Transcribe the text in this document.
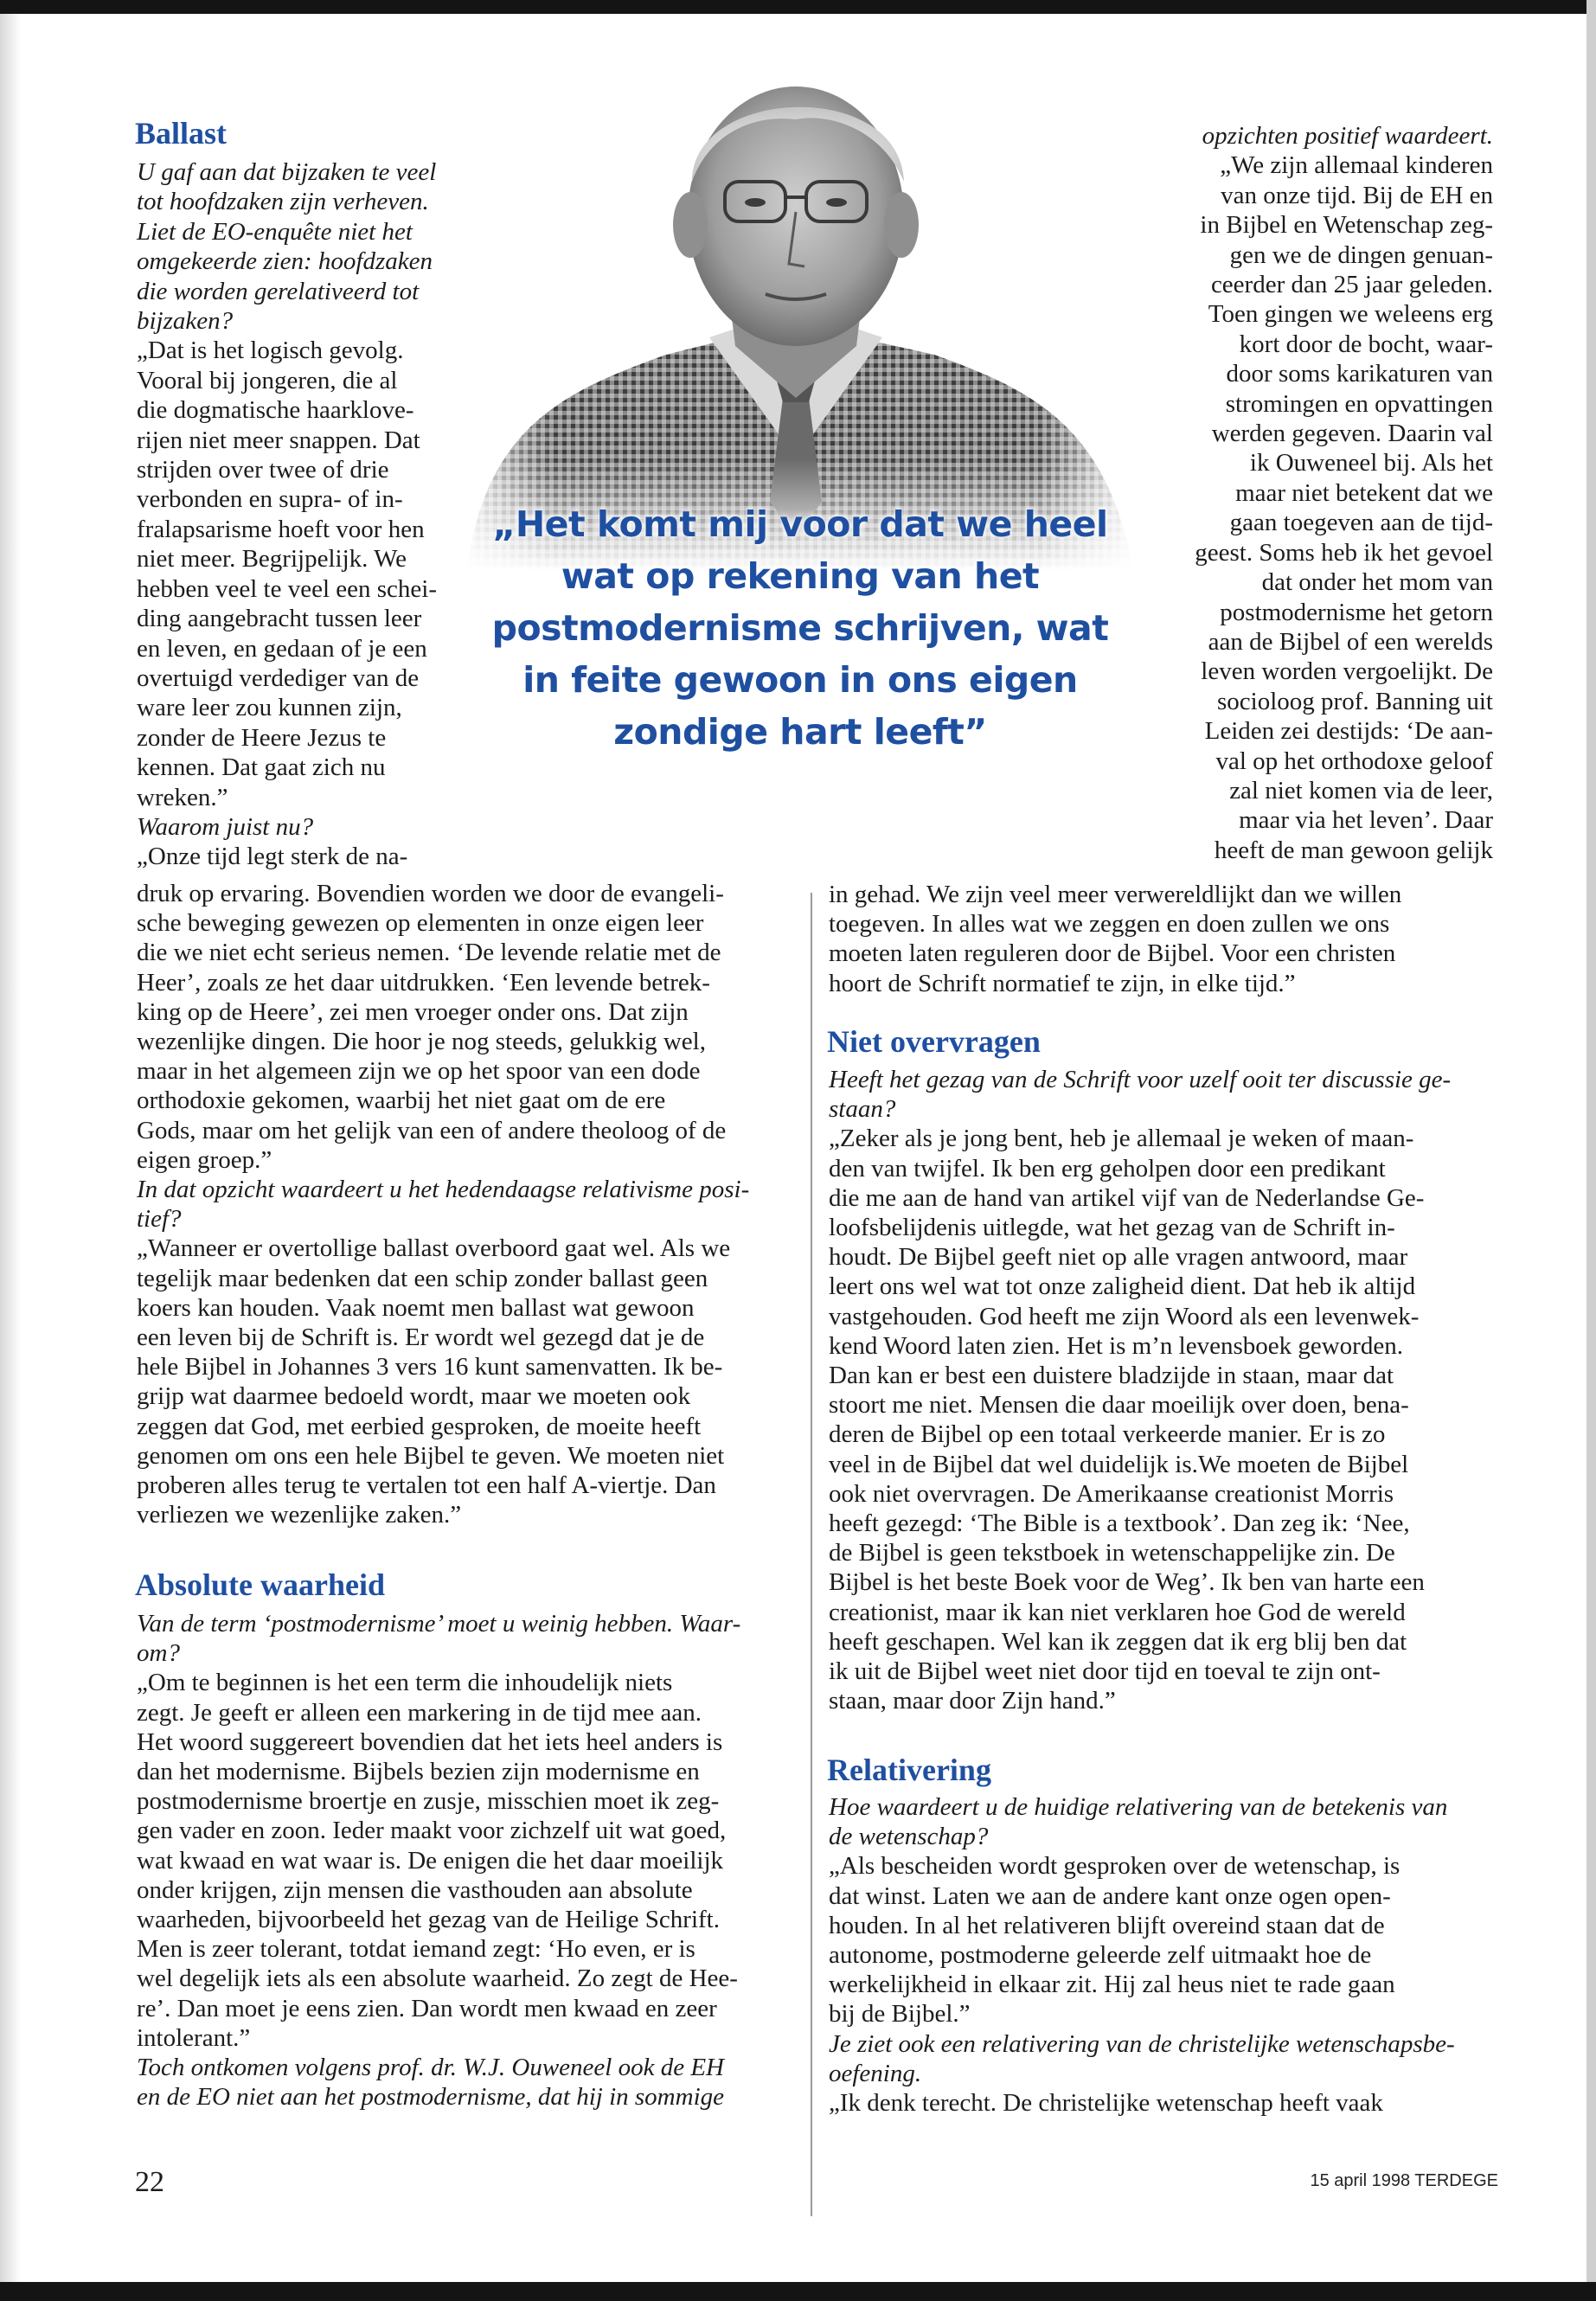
„Het komt mij voor dat we heel
wat op rekening van het
postmodernisme schrijven, wat
in feite gewoon in ons eigen
zondige hart leeft”
Ballast
U gaf aan dat bijzaken te veel
tot hoofdzaken zijn verheven.
Liet de EO-enquête niet het
omgekeerde zien: hoofdzaken
die worden gerelativeerd tot
bijzaken?
„Dat is het logisch gevolg.
Vooral bij jongeren, die al
die dogmatische haarklove-
rijen niet meer snappen. Dat
strijden over twee of drie
verbonden en supra- of in-
fralapsarisme hoeft voor hen
niet meer. Begrijpelijk. We
hebben veel te veel een schei-
ding aangebracht tussen leer
en leven, en gedaan of je een
overtuigd verdediger van de
ware leer zou kunnen zijn,
zonder de Heere Jezus te
kennen. Dat gaat zich nu
wreken.”
Waarom juist nu?
„Onze tijd legt sterk de na-
druk op ervaring. Bovendien worden we door de evangeli-
sche beweging gewezen op elementen in onze eigen leer
die we niet echt serieus nemen. ‘De levende relatie met de
Heer’, zoals ze het daar uitdrukken. ‘Een levende betrek-
king op de Heere’, zei men vroeger onder ons. Dat zijn
wezenlijke dingen. Die hoor je nog steeds, gelukkig wel,
maar in het algemeen zijn we op het spoor van een dode
orthodoxie gekomen, waarbij het niet gaat om de ere
Gods, maar om het gelijk van een of andere theoloog of de
eigen groep.”
In dat opzicht waardeert u het hedendaagse relativisme posi-
tief?
„Wanneer er overtollige ballast overboord gaat wel. Als we
tegelijk maar bedenken dat een schip zonder ballast geen
koers kan houden. Vaak noemt men ballast wat gewoon
een leven bij de Schrift is. Er wordt wel gezegd dat je de
hele Bijbel in Johannes 3 vers 16 kunt samenvatten. Ik be-
grijp wat daarmee bedoeld wordt, maar we moeten ook
zeggen dat God, met eerbied gesproken, de moeite heeft
genomen om ons een hele Bijbel te geven. We moeten niet
proberen alles terug te vertalen tot een half A-viertje. Dan
verliezen we wezenlijke zaken.”
Absolute waarheid
Van de term ‘postmodernisme’ moet u weinig hebben. Waar-
om?
„Om te beginnen is het een term die inhoudelijk niets
zegt. Je geeft er alleen een markering in de tijd mee aan.
Het woord suggereert bovendien dat het iets heel anders is
dan het modernisme. Bijbels bezien zijn modernisme en
postmodernisme broertje en zusje, misschien moet ik zeg-
gen vader en zoon. Ieder maakt voor zichzelf uit wat goed,
wat kwaad en wat waar is. De enigen die het daar moeilijk
onder krijgen, zijn mensen die vasthouden aan absolute
waarheden, bijvoorbeeld het gezag van de Heilige Schrift.
Men is zeer tolerant, totdat iemand zegt: ‘Ho even, er is
wel degelijk iets als een absolute waarheid. Zo zegt de Hee-
re’. Dan moet je eens zien. Dan wordt men kwaad en zeer
intolerant.”
Toch ontkomen volgens prof. dr. W.J. Ouweneel ook de EH
en de EO niet aan het postmodernisme, dat hij in sommige
opzichten positief waardeert.
„We zijn allemaal kinderen
van onze tijd. Bij de EH en
in Bijbel en Wetenschap zeg-
gen we de dingen genuan-
ceerder dan 25 jaar geleden.
Toen gingen we weleens erg
kort door de bocht, waar-
door soms karikaturen van
stromingen en opvattingen
werden gegeven. Daarin val
ik Ouweneel bij. Als het
maar niet betekent dat we
gaan toegeven aan de tijd-
geest. Soms heb ik het gevoel
dat onder het mom van
postmodernisme het getorn
aan de Bijbel of een werelds
leven worden vergoelijkt. De
socioloog prof. Banning uit
Leiden zei destijds: ‘De aan-
val op het orthodoxe geloof
zal niet komen via de leer,
maar via het leven’. Daar
heeft de man gewoon gelijk
in gehad. We zijn veel meer verwereldlijkt dan we willen
toegeven. In alles wat we zeggen en doen zullen we ons
moeten laten reguleren door de Bijbel. Voor een christen
hoort de Schrift normatief te zijn, in elke tijd.”
Niet overvragen
Heeft het gezag van de Schrift voor uzelf ooit ter discussie ge-
staan?
„Zeker als je jong bent, heb je allemaal je weken of maan-
den van twijfel. Ik ben erg geholpen door een predikant
die me aan de hand van artikel vijf van de Nederlandse Ge-
loofsbelijdenis uitlegde, wat het gezag van de Schrift in-
houdt. De Bijbel geeft niet op alle vragen antwoord, maar
leert ons wel wat tot onze zaligheid dient. Dat heb ik altijd
vastgehouden. God heeft me zijn Woord als een levenwek-
kend Woord laten zien. Het is m’n levensboek geworden.
Dan kan er best een duistere bladzijde in staan, maar dat
stoort me niet. Mensen die daar moeilijk over doen, bena-
deren de Bijbel op een totaal verkeerde manier. Er is zo
veel in de Bijbel dat wel duidelijk is.We moeten de Bijbel
ook niet overvragen. De Amerikaanse creationist Morris
heeft gezegd: ‘The Bible is a textbook’. Dan zeg ik: ‘Nee,
de Bijbel is geen tekstboek in wetenschappelijke zin. De
Bijbel is het beste Boek voor de Weg’. Ik ben van harte een
creationist, maar ik kan niet verklaren hoe God de wereld
heeft geschapen. Wel kan ik zeggen dat ik erg blij ben dat
ik uit de Bijbel weet niet door tijd en toeval te zijn ont-
staan, maar door Zijn hand.”
Relativering
Hoe waardeert u de huidige relativering van de betekenis van
de wetenschap?
„Als bescheiden wordt gesproken over de wetenschap, is
dat winst. Laten we aan de andere kant onze ogen open-
houden. In al het relativeren blijft overeind staan dat de
autonome, postmoderne geleerde zelf uitmaakt hoe de
werkelijkheid in elkaar zit. Hij zal heus niet te rade gaan
bij de Bijbel.”
Je ziet ook een relativering van de christelijke wetenschapsbe-
oefening.
„Ik denk terecht. De christelijke wetenschap heeft vaak
22	15 april 1998 TERDEGE
